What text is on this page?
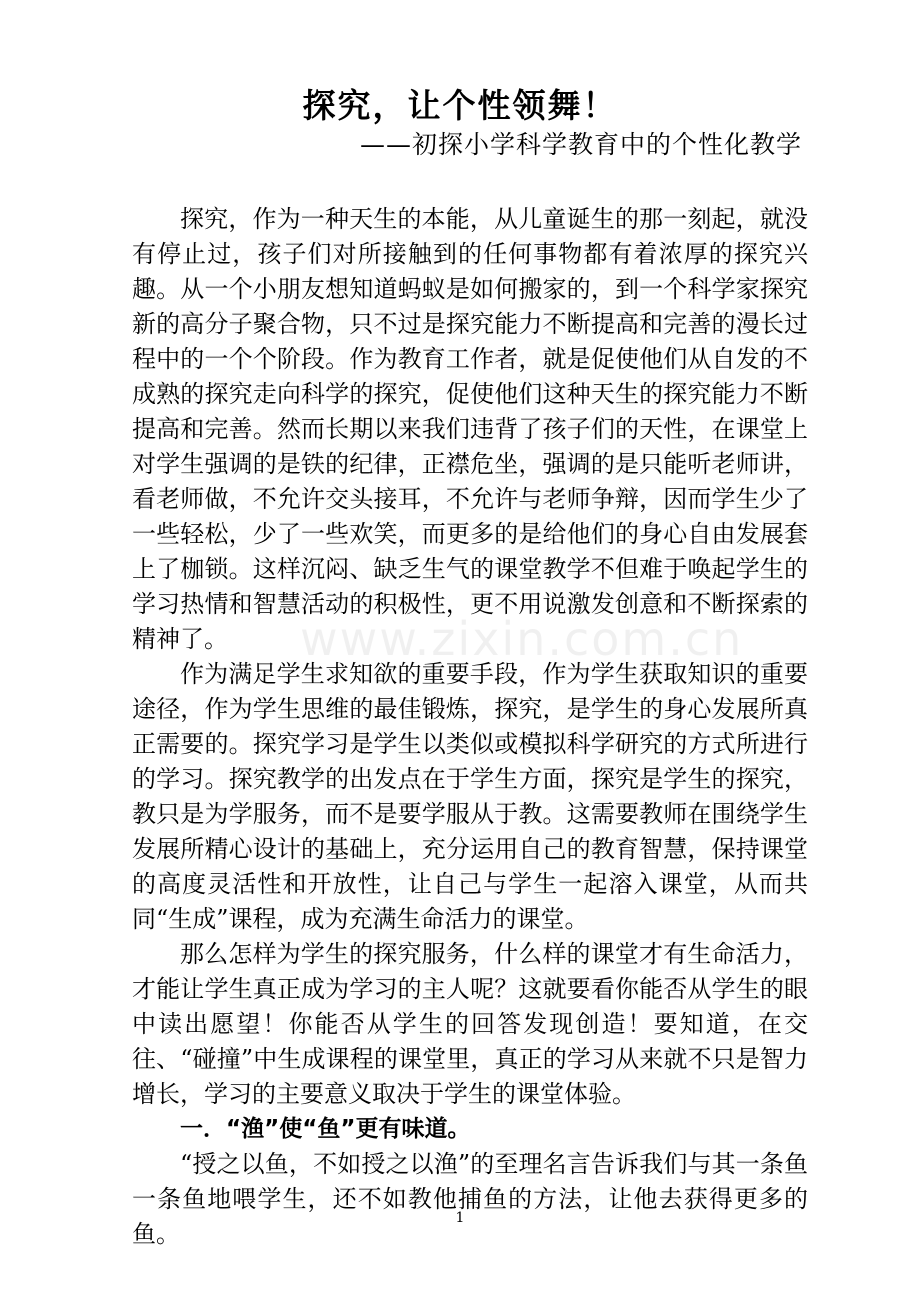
探究，让个性领舞！
——初探小学科学教育中的个性化教学

探究，作为一种天生的本能，从儿童诞生的那一刻起，就没有停止过，孩子们对所接触到的任何事物都有着浓厚的探究兴趣。从一个小朋友想知道蚂蚁是如何搬家的，到一个科学家探究新的高分子聚合物，只不过是探究能力不断提高和完善的漫长过程中的一个个阶段。作为教育工作者，就是促使他们从自发的不成熟的探究走向科学的探究，促使他们这种天生的探究能力不断提高和完善。然而长期以来我们违背了孩子们的天性，在课堂上对学生强调的是铁的纪律，正襟危坐，强调的是只能听老师讲，看老师做，不允许交头接耳，不允许与老师争辩，因而学生少了一些轻松，少了一些欢笑，而更多的是给他们的身心自由发展套上了枷锁。这样沉闷、缺乏生气的课堂教学不但难于唤起学生的学习热情和智慧活动的积极性，更不用说激发创意和不断探索的精神了。

作为满足学生求知欲的重要手段，作为学生获取知识的重要途径，作为学生思维的最佳锻炼，探究，是学生的身心发展所真正需要的。探究学习是学生以类似或模拟科学研究的方式所进行的学习。探究教学的出发点在于学生方面，探究是学生的探究，教只是为学服务，而不是要学服从于教。这需要教师在围绕学生发展所精心设计的基础上，充分运用自己的教育智慧，保持课堂的高度灵活性和开放性，让自己与学生一起溶入课堂，从而共同“生成”课程，成为充满生命活力的课堂。

那么怎样为学生的探究服务，什么样的课堂才有生命活力，才能让学生真正成为学习的主人呢？这就要看你能否从学生的眼中读出愿望！你能否从学生的回答发现创造！要知道，在交往、“碰撞”中生成课程的课堂里，真正的学习从来就不只是智力增长，学习的主要意义取决于学生的课堂体验。

一．“渔”使“鱼”更有味道。

“授之以鱼，不如授之以渔”的至理名言告诉我们与其一条鱼一条鱼地喂学生，还不如教他捕鱼的方法，让他去获得更多的鱼。

www.zixin.com.cn
1
